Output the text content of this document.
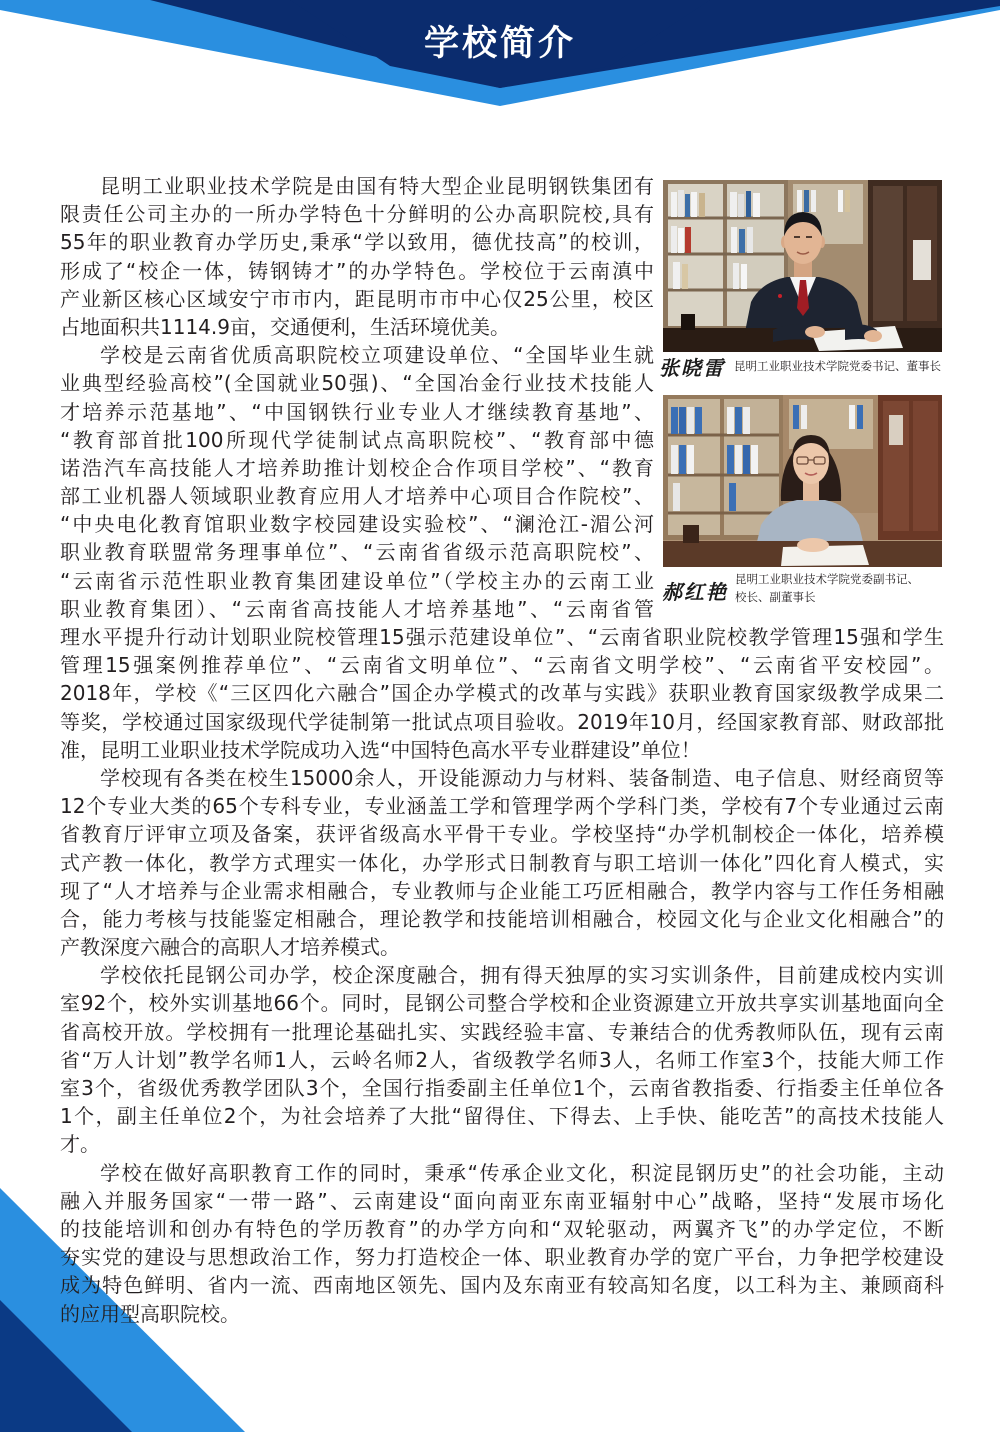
学校简介
张晓雷 昆明工业职业技术学院党委书记、董事长
郝红艳
昆明工业职业技术学院党委副书记、
校长、副董事长
昆明工业职业技术学院是由国有特大型企业昆明钢铁集团有
限责任公司主办的一所办学特色十分鲜明的公办高职院校,具有
55年的职业教育办学历史,秉承“学以致用，德优技高”的校训，
形成了“校企一体，铸钢铸才”的办学特色。学校位于云南滇中
产业新区核心区域安宁市市内，距昆明市市中心仅25公里，校区
占地面积共1114.9亩，交通便利，生活环境优美。
学校是云南省优质高职院校立项建设单位、“全国毕业生就
业典型经验高校”(全国就业50强)、“全国冶金行业技术技能人
才培养示范基地”、“中国钢铁行业专业人才继续教育基地”、
“教育部首批100所现代学徒制试点高职院校”、“教育部中德
诺浩汽车高技能人才培养助推计划校企合作项目学校”、“教育
部工业机器人领域职业教育应用人才培养中心项目合作院校”、
“中央电化教育馆职业数字校园建设实验校”、“澜沧江-湄公河
职业教育联盟常务理事单位”、“云南省省级示范高职院校”、
“云南省示范性职业教育集团建设单位”（学校主办的云南工业
职业教育集团）、“云南省高技能人才培养基地”、“云南省管
理水平提升行动计划职业院校管理15强示范建设单位”、“云南省职业院校教学管理15强和学生
管理15强案例推荐单位”、“云南省文明单位”、“云南省文明学校”、“云南省平安校园”。
2018年，学校《“三区四化六融合”国企办学模式的改革与实践》获职业教育国家级教学成果二
等奖，学校通过国家级现代学徒制第一批试点项目验收。2019年10月，经国家教育部、财政部批
准，昆明工业职业技术学院成功入选“中国特色高水平专业群建设”单位！
学校现有各类在校生15000余人，开设能源动力与材料、装备制造、电子信息、财经商贸等
12个专业大类的65个专科专业，专业涵盖工学和管理学两个学科门类，学校有7个专业通过云南
省教育厅评审立项及备案，获评省级高水平骨干专业。学校坚持“办学机制校企一体化，培养模
式产教一体化，教学方式理实一体化，办学形式日制教育与职工培训一体化”四化育人模式，实
现了“人才培养与企业需求相融合，专业教师与企业能工巧匠相融合，教学内容与工作任务相融
合，能力考核与技能鉴定相融合，理论教学和技能培训相融合，校园文化与企业文化相融合”的
产教深度六融合的高职人才培养模式。
学校依托昆钢公司办学，校企深度融合，拥有得天独厚的实习实训条件，目前建成校内实训
室92个，校外实训基地66个。同时，昆钢公司整合学校和企业资源建立开放共享实训基地面向全
省高校开放。学校拥有一批理论基础扎实、实践经验丰富、专兼结合的优秀教师队伍，现有云南
省“万人计划”教学名师1人，云岭名师2人，省级教学名师3人，名师工作室3个，技能大师工作
室3个，省级优秀教学团队3个，全国行指委副主任单位1个，云南省教指委、行指委主任单位各
1个，副主任单位2个，为社会培养了大批“留得住、下得去、上手快、能吃苦”的高技术技能人
才。
学校在做好高职教育工作的同时，秉承“传承企业文化，积淀昆钢历史”的社会功能，主动
融入并服务国家“一带一路”、云南建设“面向南亚东南亚辐射中心”战略，坚持“发展市场化
的技能培训和创办有特色的学历教育”的办学方向和“双轮驱动，两翼齐飞”的办学定位，不断
夯实党的建设与思想政治工作，努力打造校企一体、职业教育办学的宽广平台，力争把学校建设
成为特色鲜明、省内一流、西南地区领先、国内及东南亚有较高知名度，以工科为主、兼顾商科
的应用型高职院校。
